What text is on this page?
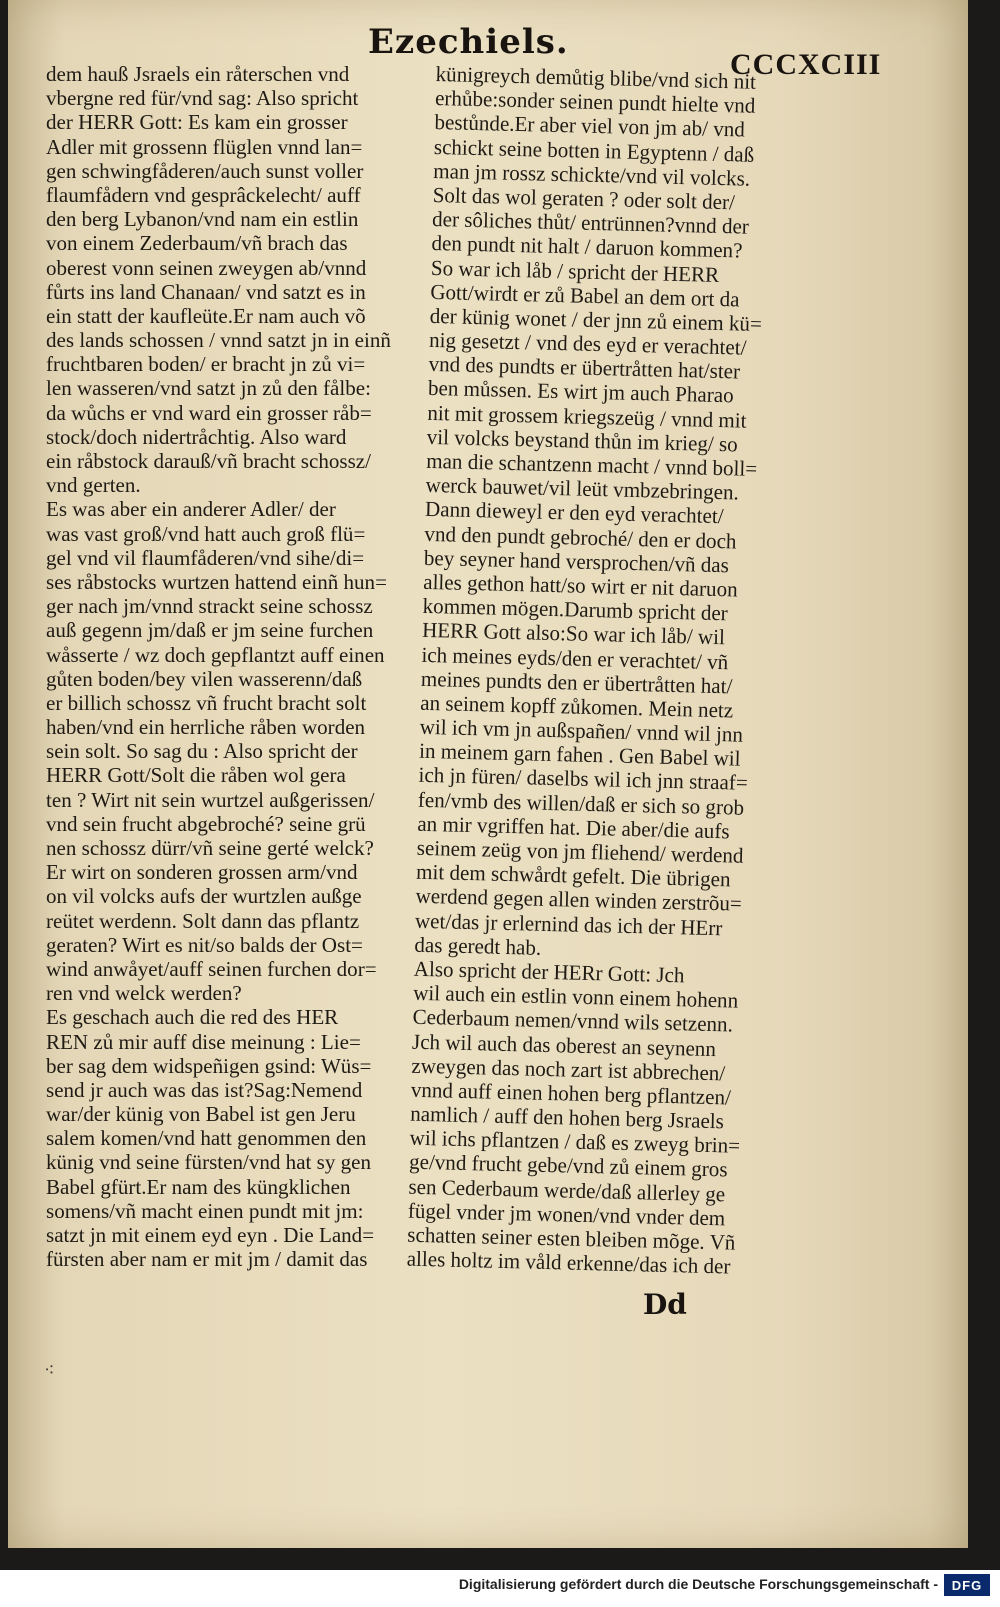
Ezechiels.
CCCXCIII
dem hauß Jsraels ein råterschen vnd
vbergne red für/vnd sag: Also spricht
der HERR Gott: Es kam ein grosser
Adler mit grossenn flüglen vnnd lan=
gen schwingfåderen/auch sunst voller
flaumfådern vnd gesprâckelecht/ auff
den berg Lybanon/vnd nam ein estlin
von einem Zederbaum/vñ brach das
oberest vonn seinen zweygen ab/vnnd
fůrts ins land Chanaan/ vnd satzt es in
ein statt der kaufleüte.Er nam auch võ
des lands schossen / vnnd satzt jn in einñ
fruchtbaren boden/ er bracht jn zů vi=
len wasseren/vnd satzt jn zů den fålbe:
da wůchs er vnd ward ein grosser råb=
stock/doch nidertråchtig. Also ward
ein råbstock darauß/vñ bracht schossz/
vnd gerten.
Es was aber ein anderer Adler/ der
was vast groß/vnd hatt auch groß flü=
gel vnd vil flaumfåderen/vnd sihe/di=
ses råbstocks wurtzen hattend einñ hun=
ger nach jm/vnnd strackt seine schossz
auß gegenn jm/daß er jm seine furchen
wåsserte / wz doch gepflantzt auff einen
gůten boden/bey vilen wasserenn/daß
er billich schossz vñ frucht bracht solt
haben/vnd ein herrliche råben worden
sein solt. So sag du : Also spricht der
HERR Gott/Solt die råben wol gera
ten ? Wirt nit sein wurtzel außgerissen/
vnd sein frucht abgebroché? seine grü
nen schossz dürr/vñ seine gerté welck?
Er wirt on sonderen grossen arm/vnd
on vil volcks aufs der wurtzlen außge
reütet werdenn. Solt dann das pflantz
geraten? Wirt es nit/so balds der Ost=
wind anwåyet/auff seinen furchen dor=
ren vnd welck werden?
Es geschach auch die red des HER
REN zů mir auff dise meinung : Lie=
ber sag dem widspeñigen gsind: Wüs=
send jr auch was das ist?Sag:Nemend
war/der künig von Babel ist gen Jeru
salem komen/vnd hatt genommen den
künig vnd seine fürsten/vnd hat sy gen
Babel gfürt.Er nam des küngklichen
somens/vñ macht einen pundt mit jm:
satzt jn mit einem eyd eyn . Die Land=
fürsten aber nam er mit jm / damit das
künigreych demůtig blibe/vnd sich nit
erhůbe:sonder seinen pundt hielte vnd
bestůnde.Er aber viel von jm ab/ vnd
schickt seine botten in Egyptenn / daß
man jm rossz schickte/vnd vil volcks.
Solt das wol geraten ? oder solt der/
der sôliches thůt/ entrünnen?vnnd der
den pundt nit halt / daruon kommen?
So war ich låb / spricht der HERR
Gott/wirdt er zů Babel an dem ort da
der künig wonet / der jnn zů einem kü=
nig gesetzt / vnd des eyd er verachtet/
vnd des pundts er übertråtten hat/ster
ben můssen. Es wirt jm auch Pharao
nit mit grossem kriegszeüg / vnnd mit
vil volcks beystand thůn im krieg/ so
man die schantzenn macht / vnnd boll=
werck bauwet/vil leüt vmbzebringen.
Dann dieweyl er den eyd verachtet/
vnd den pundt gebroché/ den er doch
bey seyner hand versprochen/vñ das
alles gethon hatt/so wirt er nit daruon
kommen mögen.Darumb spricht der
HERR Gott also:So war ich låb/ wil
ich meines eyds/den er verachtet/ vñ
meines pundts den er übertråtten hat/
an seinem kopff zůkomen. Mein netz
wil ich vm jn außspañen/ vnnd wil jnn
in meinem garn fahen . Gen Babel wil
ich jn füren/ daselbs wil ich jnn straaf=
fen/vmb des willen/daß er sich so grob
an mir vgriffen hat. Die aber/die aufs
seinem zeüg von jm fliehend/ werdend
mit dem schwårdt gefelt. Die übrigen
werdend gegen allen winden zerstrõu=
wet/das jr erlernind das ich der HErr
das geredt hab.
Also spricht der HERr Gott: Jch
wil auch ein estlin vonn einem hohenn
Cederbaum nemen/vnnd wils setzenn.
Jch wil auch das oberest an seynenn
zweygen das noch zart ist abbrechen/
vnnd auff einen hohen berg pflantzen/
namlich / auff den hohen berg Jsraels
wil ichs pflantzen / daß es zweyg brin=
ge/vnd frucht gebe/vnd zů einem gros
sen Cederbaum werde/daß allerley ge
fügel vnder jm wonen/vnd vnder dem
schatten seiner esten bleiben mõge. Vñ
alles holtz im våld erkenne/das ich der
Dd
⁖
Digitalisierung gefördert durch die Deutsche Forschungsgemeinschaft -	DFG
